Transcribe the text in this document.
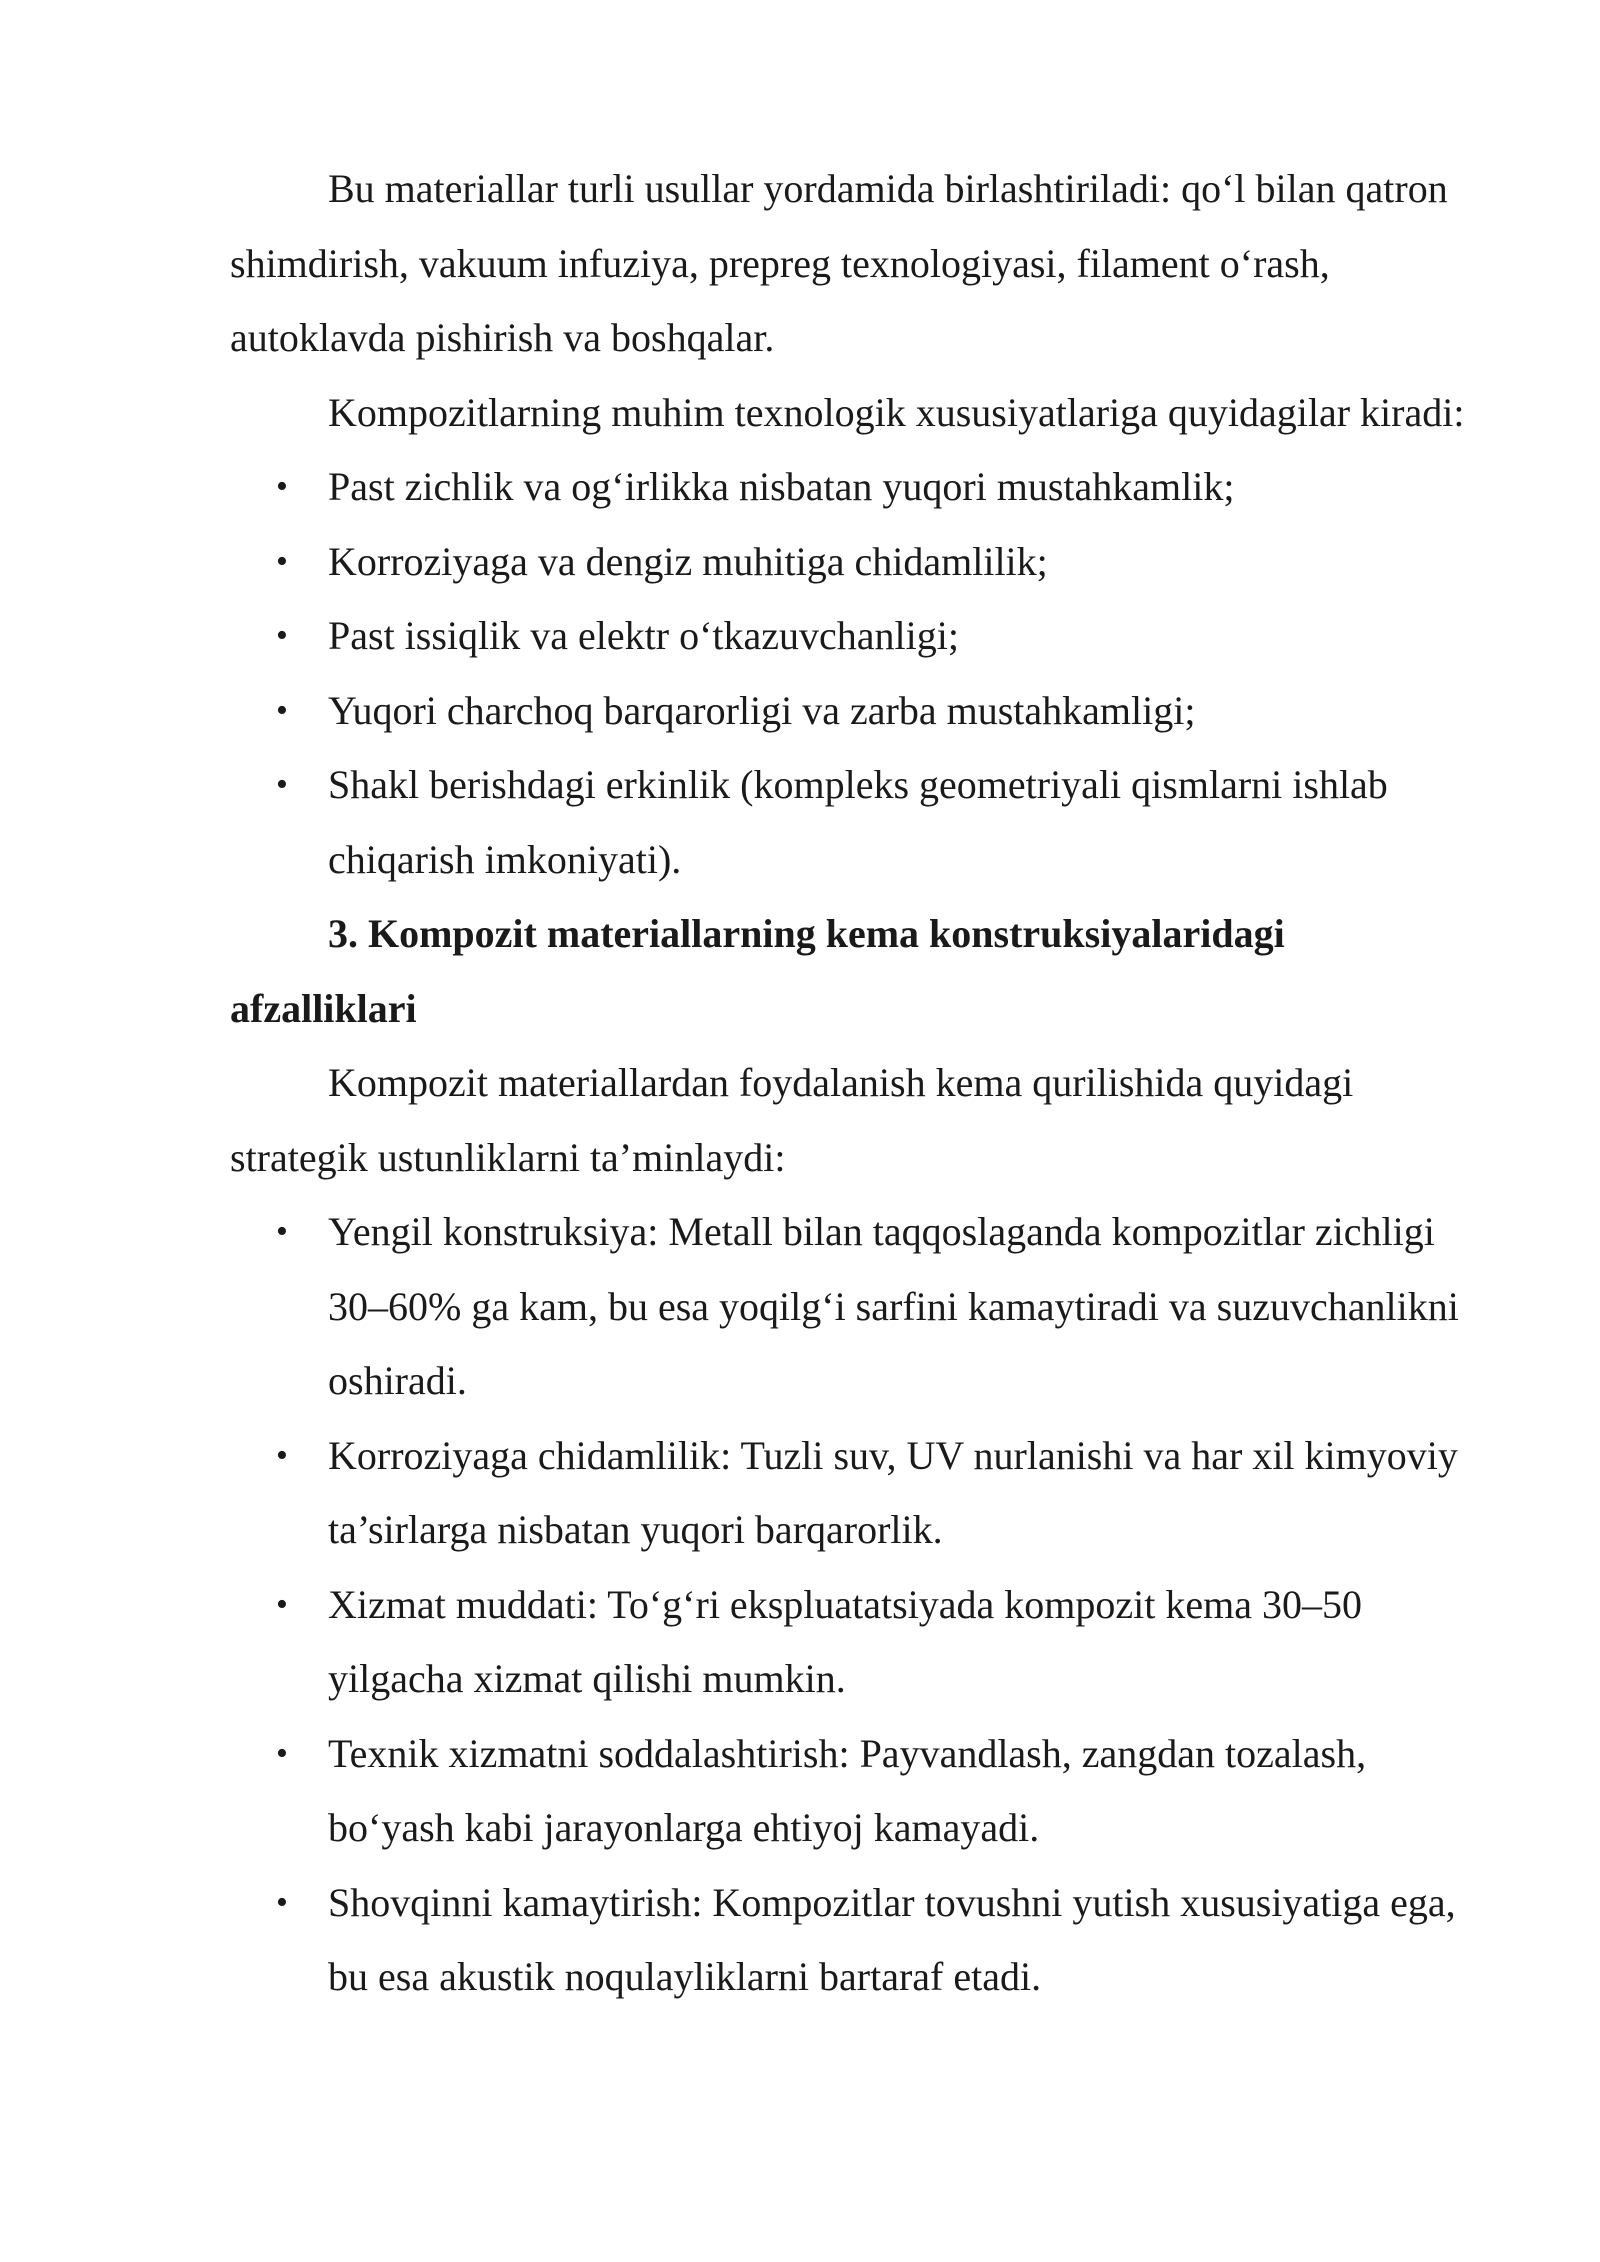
Bu materiallar turli usullar yordamida birlashtiriladi: qo‘l bilan qatron shimdirish, vakuum infuziya, prepreg texnologiyasi, filament o‘rash, autoklavda pishirish va boshqalar.

Kompozitlarning muhim texnologik xususiyatlariga quyidagilar kiradi:

• Past zichlik va og‘irlikka nisbatan yuqori mustahkamlik;
• Korroziyaga va dengiz muhitiga chidamlilik;
• Past issiqlik va elektr o‘tkazuvchanligi;
• Yuqori charchoq barqarorligi va zarba mustahkamligi;
• Shakl berishdagi erkinlik (kompleks geometriyali qismlarni ishlab chiqarish imkoniyati).

3. Kompozit materiallarning kema konstruksiyalaridagi afzalliklari

Kompozit materiallardan foydalanish kema qurilishida quyidagi strategik ustunliklarni ta’minlaydi:

• Yengil konstruksiya: Metall bilan taqqoslaganda kompozitlar zichligi 30–60% ga kam, bu esa yoqilg‘i sarfini kamaytiradi va suzuvchanlikni oshiradi.
• Korroziyaga chidamlilik: Tuzli suv, UV nurlanishi va har xil kimyoviy ta’sirlarga nisbatan yuqori barqarorlik.
• Xizmat muddati: To‘g‘ri ekspluatatsiyada kompozit kema 30–50 yilgacha xizmat qilishi mumkin.
• Texnik xizmatni soddalashtirish: Payvandlash, zangdan tozalash, bo‘yash kabi jarayonlarga ehtiyoj kamayadi.
• Shovqinni kamaytirish: Kompozitlar tovushni yutish xususiyatiga ega, bu esa akustik noqulayliklarni bartaraf etadi.
